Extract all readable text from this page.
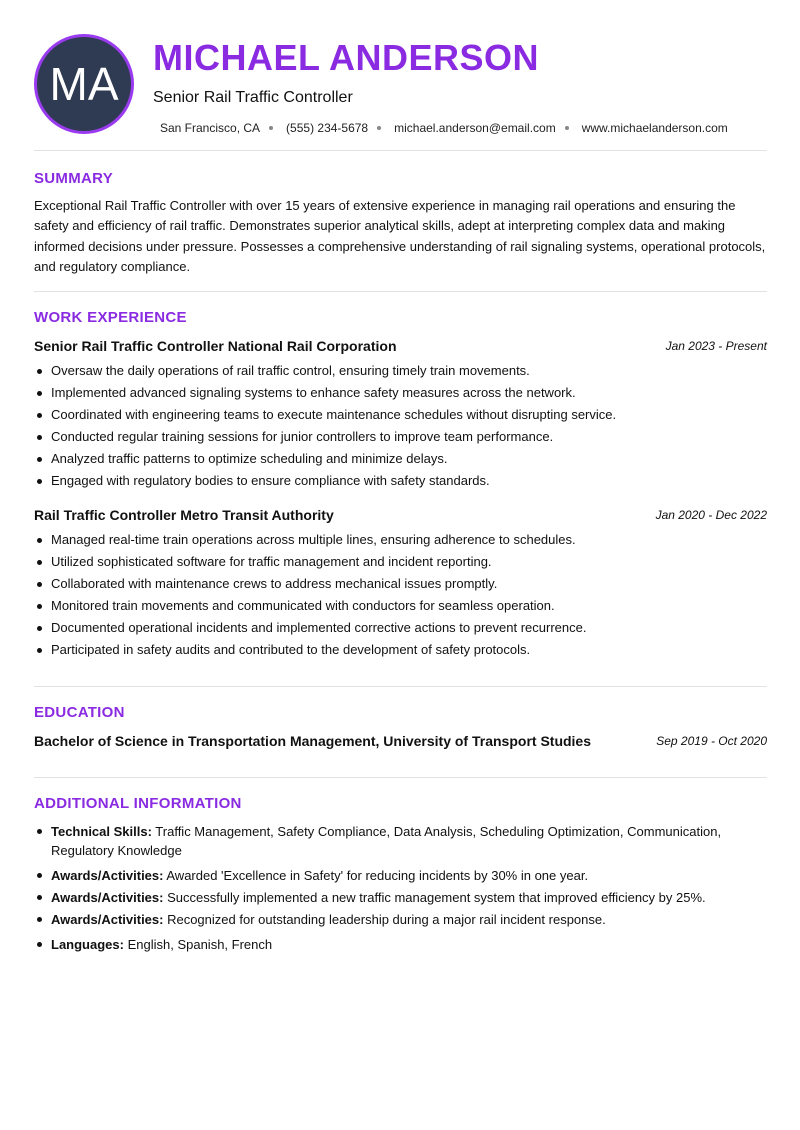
MA
MICHAEL ANDERSON
Senior Rail Traffic Controller
San Francisco, CA (555) 234-5678 michael.anderson@email.com www.michaelanderson.com
SUMMARY
Exceptional Rail Traffic Controller with over 15 years of extensive experience in managing rail operations and ensuring the safety and efficiency of rail traffic. Demonstrates superior analytical skills, adept at interpreting complex data and making informed decisions under pressure. Possesses a comprehensive understanding of rail signaling systems, operational protocols, and regulatory compliance.
WORK EXPERIENCE
Senior Rail Traffic Controller National Rail Corporation	Jan 2023 - Present
Oversaw the daily operations of rail traffic control, ensuring timely train movements.
Implemented advanced signaling systems to enhance safety measures across the network.
Coordinated with engineering teams to execute maintenance schedules without disrupting service.
Conducted regular training sessions for junior controllers to improve team performance.
Analyzed traffic patterns to optimize scheduling and minimize delays.
Engaged with regulatory bodies to ensure compliance with safety standards.
Rail Traffic Controller Metro Transit Authority	Jan 2020 - Dec 2022
Managed real-time train operations across multiple lines, ensuring adherence to schedules.
Utilized sophisticated software for traffic management and incident reporting.
Collaborated with maintenance crews to address mechanical issues promptly.
Monitored train movements and communicated with conductors for seamless operation.
Documented operational incidents and implemented corrective actions to prevent recurrence.
Participated in safety audits and contributed to the development of safety protocols.
EDUCATION
Bachelor of Science in Transportation Management, University of Transport Studies	Sep 2019 - Oct 2020
ADDITIONAL INFORMATION
Technical Skills: Traffic Management, Safety Compliance, Data Analysis, Scheduling Optimization, Communication, Regulatory Knowledge
Awards/Activities: Awarded 'Excellence in Safety' for reducing incidents by 30% in one year.
Awards/Activities: Successfully implemented a new traffic management system that improved efficiency by 25%.
Awards/Activities: Recognized for outstanding leadership during a major rail incident response.
Languages: English, Spanish, French
